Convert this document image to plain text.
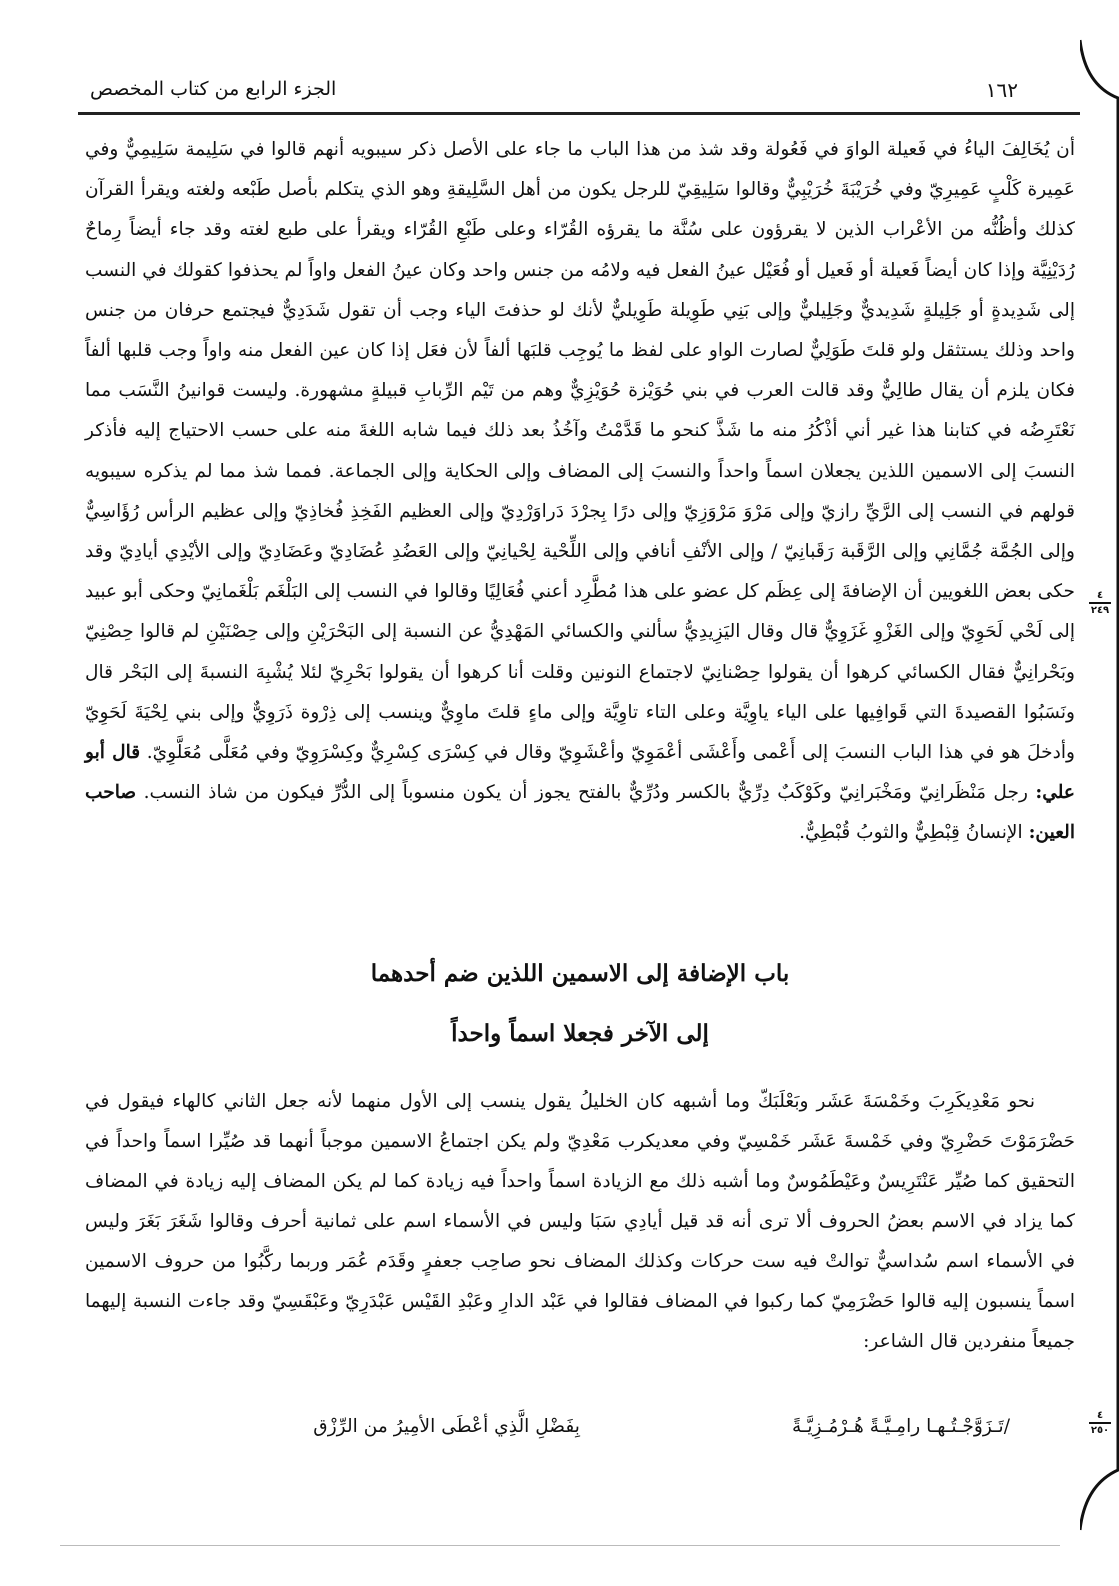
الجزء الرابع من كتاب المخصص	١٦٢

أن يُخَالِفَ الياءُ في فَعيلة الواوَ في فَعُولة وقد شذ من هذا الباب ما جاء على الأصل ذكر سيبويه أنهم قالوا في سَلِيمة سَلِيمِيٌّ وفي عَمِيرة كَلْبٍ عَمِيرِيّ وفي خُرَيْبَةَ خُرَيْبِيٌّ وقالوا سَلِيقِيّ للرجل يكون من أهل السَّلِيقةِ وهو الذي يتكلم بأصل طَبْعه ولغته ويقرأ القرآن كذلك وأظُنُّه من الأعْراب الذين لا يقرؤون على سُنَّة ما يقرؤه القُرّاء وعلى طَبْعِ القُرّاء ويقرأ على طبع لغته وقد جاء أيضاً رِماحٌ رُدَيْنِيَّة وإذا كان أيضاً فَعيلة أو فَعيل أو فُعَيْل عينُ الفعل فيه ولامُه من جنس واحد وكان عينُ الفعل واواً لم يحذفوا كقولك في النسب إلى شَدِيدةٍ أو جَلِيلةٍ شَدِيديٌّ وجَلِيليٌّ وإلى بَنِي طَوِيلة طَوِيليٌّ لأنك لو حذفتَ الياء وجب أن تقول شَدَدِيٌّ فيجتمع حرفان من جنس واحد وذلك يستثقل ولو قلتَ طَوَلِيٌّ لصارت الواو على لفظ ما يُوجِب قلبَها ألفاً لأن فعَل إذا كان عين الفعل منه واواً وجب قلبها ألفاً فكان يلزم أن يقال طالِيٌّ وقد قالت العرب في بني حُوَيْزة حُوَيْزِيٌّ وهم من تَيْم الرِّبابِ قبيلةٍ مشهورة. وليست قوانينُ النَّسَب مما نَعْتَرِضُه في كتابنا هذا غير أني أذْكُرُ منه ما شَذَّ كنحو ما قَدَّمْتُ وآخُذُ بعد ذلك فيما شابه اللغةَ منه على حسب الاحتياج إليه فأذكر النسبَ إلى الاسمين اللذين يجعلان اسماً واحداً والنسبَ إلى المضاف وإلى الحكاية وإلى الجماعة. فمما شذ مما لم يذكره سيبويه قولهم في النسب إلى الرَّيِّ رازيّ وإلى مَرْوَ مَرْوَزِيّ وإلى درًا بِجرْدَ دَراوَرْدِيّ وإلى العظيم الفَخِذِ فُخاذِيّ وإلى عظيم الرأس رُؤَاسِيٌّ وإلى الجُمَّة جُمَّانِي وإلى الرَّقَبة رَقَبانِيّ / وإلى الأنْفِ أنافي وإلى اللِّحْية لِحْيانِيّ وإلى العَضُدِ عُضَادِيّ وعَضَادِيّ وإلى الأيْدِي أيادِيّ وقد حكى بعض اللغويين أن الإضافةَ إلى عِظَم كل عضو على هذا مُطَّرِد أعني فُعَالِيًا وقالوا في النسب إلى البَلْغَم بَلْغَمانِيّ وحكى أبو عبيد إلى لَحْي لَحَوِيّ وإلى الغَزْوِ غَزَوِيٌّ قال وقال اليَزِيدِيُّ سألني والكسائي المَهْدِيُّ عن النسبة إلى البَحْرَيْنِ وإلى حِصْنَيْنِ لم قالوا حِصْنِيّ وبَحْرانِيٌّ فقال الكسائي كرهوا أن يقولوا حِصْنانِيّ لاجتماع النونين وقلت أنا كرهوا أن يقولوا بَحْرِيّ لئلا يُشْبِهَ النسبةَ إلى البَحْر قال ونَسَبُوا القصيدةَ التي قَوافِيها على الياء ياوِيَّة وعلى التاء تاوِيَّة وإلى ماءٍ قلتَ ماوِيٌّ وينسب إلى ذِرْوة ذَرَوِيٌّ وإلى بني لِحْيَةَ لَحَوِيّ وأدخلَ هو في هذا الباب النسبَ إلى أَعْمى وأَعْشَى أعْمَوِيّ وأعْشَوِيّ وقال في كِسْرَى كِسْرِيٌّ وكِسْرَوِيّ وفي مُعَلَّى مُعَلَّوِيّ. قال أبو علي: رجل مَنْظَرانِيّ ومَخْبَرانِيّ وكَوْكَبٌ دِرِّيٌّ بالكسر ودُرِّيٌّ بالفتح يجوز أن يكون منسوباً إلى الدُّرِّ فيكون من شاذ النسب. صاحب العين: الإنسانُ قِبْطِيٌّ والثوبُ قُبْطِيٌّ.

٤
٢٤٩
باب الإضافة إلى الاسمين اللذين ضم أحدهما
إلى الآخر فجعلا اسماً واحداً

نحو مَعْدِيكَرِبَ وخَمْسَةَ عَشَر وبَعْلَبَكّ وما أشبهه كان الخليلُ يقول ينسب إلى الأول منهما لأنه جعل الثاني كالهاء فيقول في حَضْرَمَوْتَ حَضْرِيّ وفي خَمْسةَ عَشَر خَمْسِيّ وفي معديكرب مَعْدِيّ ولم يكن اجتماعُ الاسمين موجباً أنهما قد صُيِّرا اسماً واحداً في التحقيق كما صُيِّر عَنْتَرِيسٌ وعَيْطَمُوسٌ وما أشبه ذلك مع الزيادة اسماً واحداً فيه زيادة كما لم يكن المضاف إليه زيادة في المضاف كما يزاد في الاسم بعضُ الحروف ألا ترى أنه قد قيل أيادِي سَبَا وليس في الأسماء اسم على ثمانية أحرف وقالوا شَغَرَ بَغَرَ وليس في الأسماء اسم سُداسيٌّ توالتْ فيه ست حركات وكذلك المضاف نحو صاحِب جعفرٍ وقَدَم عُمَر وربما ركَّبُوا من حروف الاسمين اسماً ينسبون إليه قالوا حَضْرَمِيّ كما ركبوا في المضاف فقالوا في عَبْد الدارِ وعَبْدِ القَيْس عَبْدَرِيّ وعَبْقَسِيّ وقد جاءت النسبة إليهما جميعاً منفردين قال الشاعر:

/تَـزَوَّجْـتُـهـا رامِـيَّـةً هُـرْمُـزِيَّـةً
بِفَضْلِ الَّذِي أعْطَى الأمِيرُ من الرِّزْق
٤
٢٥٠
